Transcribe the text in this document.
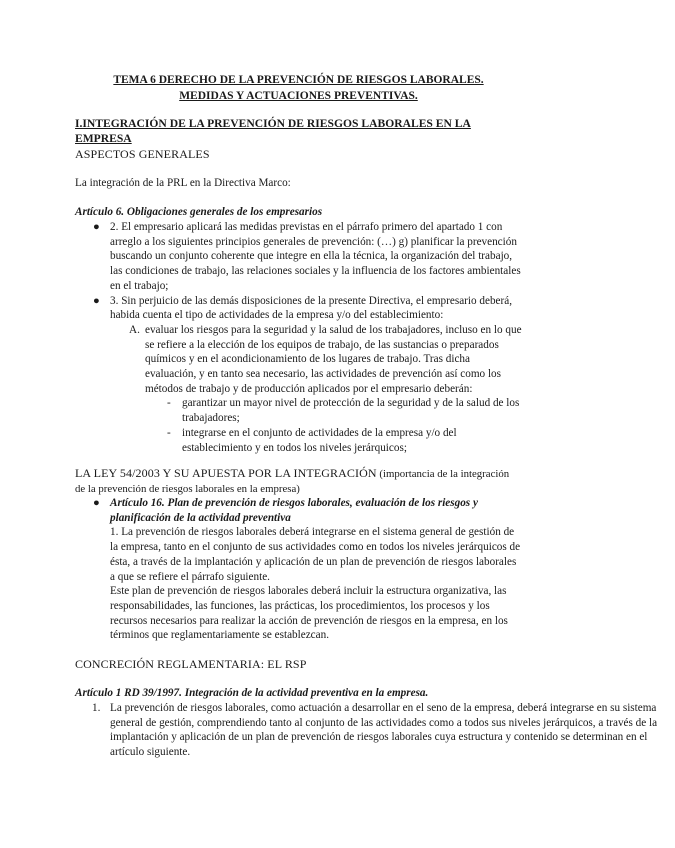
TEMA 6 DERECHO DE LA PREVENCIÓN DE RIESGOS LABORALES.
MEDIDAS Y ACTUACIONES PREVENTIVAS.
I.INTEGRACIÓN DE LA PREVENCIÓN DE RIESGOS LABORALES EN LA EMPRESA
ASPECTOS GENERALES
La integración de la PRL en la Directiva Marco:
Artículo 6. Obligaciones generales de los empresarios
● 2. El empresario aplicará las medidas previstas en el párrafo primero del apartado 1 con arreglo a los siguientes principios generales de prevención: (…) g) planificar la prevención buscando un conjunto coherente que integre en ella la técnica, la organización del trabajo, las condiciones de trabajo, las relaciones sociales y la influencia de los factores ambientales en el trabajo;
● 3. Sin perjuicio de las demás disposiciones de la presente Directiva, el empresario deberá, habida cuenta el tipo de actividades de la empresa y/o del establecimiento:
A. evaluar los riesgos para la seguridad y la salud de los trabajadores, incluso en lo que se refiere a la elección de los equipos de trabajo, de las sustancias o preparados químicos y en el acondicionamiento de los lugares de trabajo. Tras dicha evaluación, y en tanto sea necesario, las actividades de prevención así como los métodos de trabajo y de producción aplicados por el empresario deberán:
- garantizar un mayor nivel de protección de la seguridad y de la salud de los trabajadores;
- integrarse en el conjunto de actividades de la empresa y/o del establecimiento y en todos los niveles jerárquicos;
LA LEY 54/2003 Y SU APUESTA POR LA INTEGRACIÓN (importancia de la integración de la prevención de riesgos laborales en la empresa)
● Artículo 16. Plan de prevención de riesgos laborales, evaluación de los riesgos y planificación de la actividad preventiva
1. La prevención de riesgos laborales deberá integrarse en el sistema general de gestión de la empresa, tanto en el conjunto de sus actividades como en todos los niveles jerárquicos de ésta, a través de la implantación y aplicación de un plan de prevención de riesgos laborales a que se refiere el párrafo siguiente.
Este plan de prevención de riesgos laborales deberá incluir la estructura organizativa, las responsabilidades, las funciones, las prácticas, los procedimientos, los procesos y los recursos necesarios para realizar la acción de prevención de riesgos en la empresa, en los términos que reglamentariamente se establezcan.
CONCRECIÓN REGLAMENTARIA: EL RSP
Artículo 1 RD 39/1997. Integración de la actividad preventiva en la empresa.
1. La prevención de riesgos laborales, como actuación a desarrollar en el seno de la empresa, deberá integrarse en su sistema general de gestión, comprendiendo tanto al conjunto de las actividades como a todos sus niveles jerárquicos, a través de la implantación y aplicación de un plan de prevención de riesgos laborales cuya estructura y contenido se determinan en el artículo siguiente.
